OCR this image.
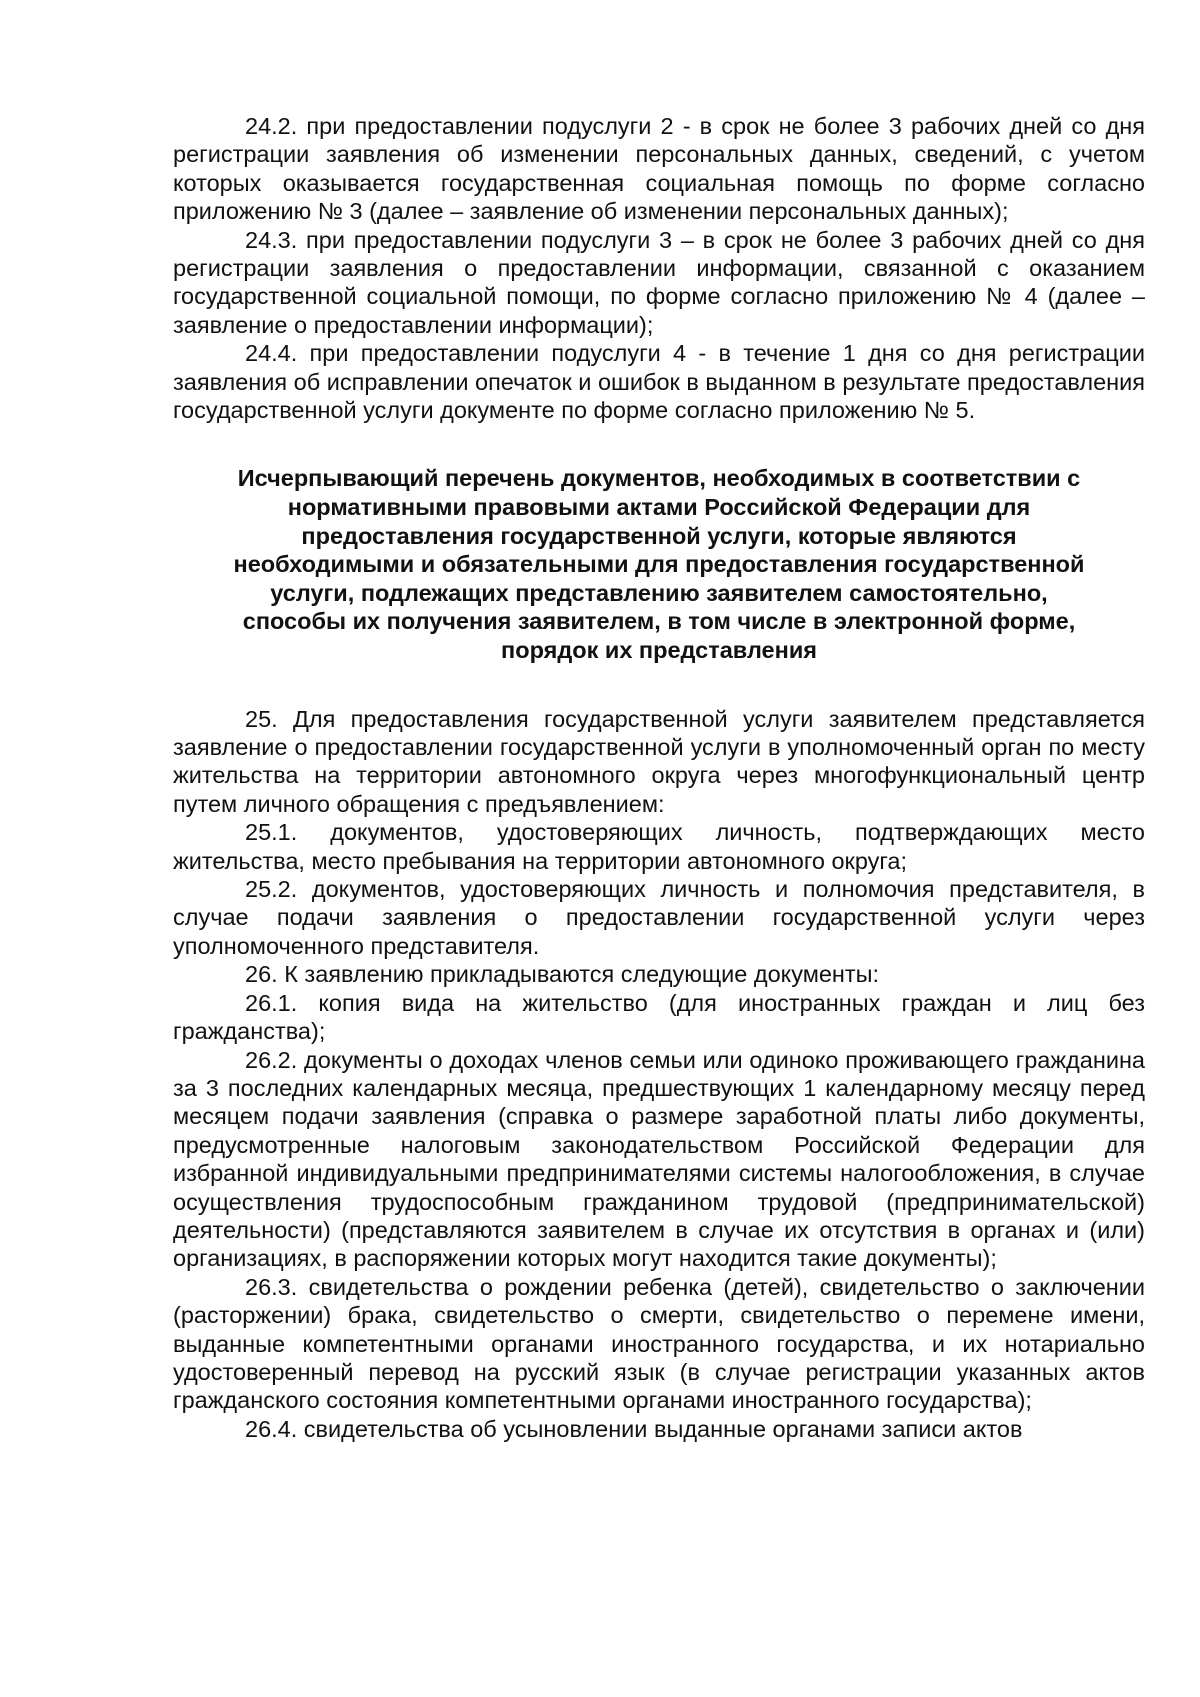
24.2. при предоставлении подуслуги 2 - в срок не более 3 рабочих дней со дня регистрации заявления об изменении персональных данных, сведений, с учетом которых оказывается государственная социальная помощь по форме согласно приложению № 3 (далее – заявление об изменении персональных данных);

24.3. при предоставлении подуслуги 3 – в срок не более 3 рабочих дней со дня регистрации заявления о предоставлении информации, связанной с оказанием государственной социальной помощи, по форме согласно приложению № 4 (далее – заявление о предоставлении информации);

24.4. при предоставлении подуслуги 4 - в течение 1 дня со дня регистрации заявления об исправлении опечаток и ошибок в выданном в результате предоставления государственной услуги документе по форме согласно приложению № 5.

Исчерпывающий перечень документов, необходимых в соответствии с нормативными правовыми актами Российской Федерации для предоставления государственной услуги, которые являются необходимыми и обязательными для предоставления государственной услуги, подлежащих представлению заявителем самостоятельно, способы их получения заявителем, в том числе в электронной форме, порядок их представления

25. Для предоставления государственной услуги заявителем представляется заявление о предоставлении государственной услуги в уполномоченный орган по месту жительства на территории автономного округа через многофункциональный центр путем личного обращения с предъявлением:

25.1. документов, удостоверяющих личность, подтверждающих место жительства, место пребывания на территории автономного округа;

25.2. документов, удостоверяющих личность и полномочия представителя, в случае подачи заявления о предоставлении государственной услуги через уполномоченного представителя.

26. К заявлению прикладываются следующие документы:

26.1. копия вида на жительство (для иностранных граждан и лиц без гражданства);

26.2. документы о доходах членов семьи или одиноко проживающего гражданина за 3 последних календарных месяца, предшествующих 1 календарному месяцу перед месяцем подачи заявления (справка о размере заработной платы либо документы, предусмотренные налоговым законодательством Российской Федерации для избранной индивидуальными предпринимателями системы налогообложения, в случае осуществления трудоспособным гражданином трудовой (предпринимательской) деятельности) (представляются заявителем в случае их отсутствия в органах и (или) организациях, в распоряжении которых могут находится такие документы);

26.3. свидетельства о рождении ребенка (детей), свидетельство о заключении (расторжении) брака, свидетельство о смерти, свидетельство о перемене имени, выданные компетентными органами иностранного государства, и их нотариально удостоверенный перевод на русский язык (в случае регистрации указанных актов гражданского состояния компетентными органами иностранного государства);

26.4. свидетельства об усыновлении выданные органами записи актов
